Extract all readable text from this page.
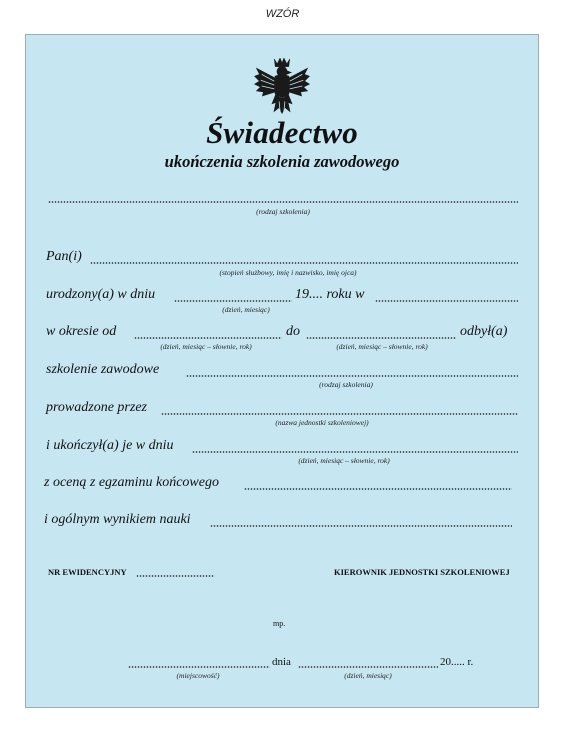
WZÓR
Świadectwo
ukończenia szkolenia zawodowego
(rodzaj szkolenia)
Pan(i)
(stopień służbowy, imię i nazwisko, imię ojca)
urodzony(a) w dniu	19.... roku w
(dzień, miesiąc)
w okresie od	do	odbył(a)
(dzień, miesiąc – słownie, rok)	(dzień, miesiąc – słownie, rok)
szkolenie zawodowe
(rodzaj szkolenia)
prowadzone przez
(nazwa jednostki szkoleniowej)
i ukończył(a) je w dniu
(dzień, miesiąc – słownie, rok)
z oceną z egzaminu końcowego
i ogólnym wynikiem nauki
NR EWIDENCYJNY	KIEROWNIK JEDNOSTKI SZKOLENIOWEJ
mp.
dnia	20..... r.
(miejscowość)	(dzień, miesiąc)
